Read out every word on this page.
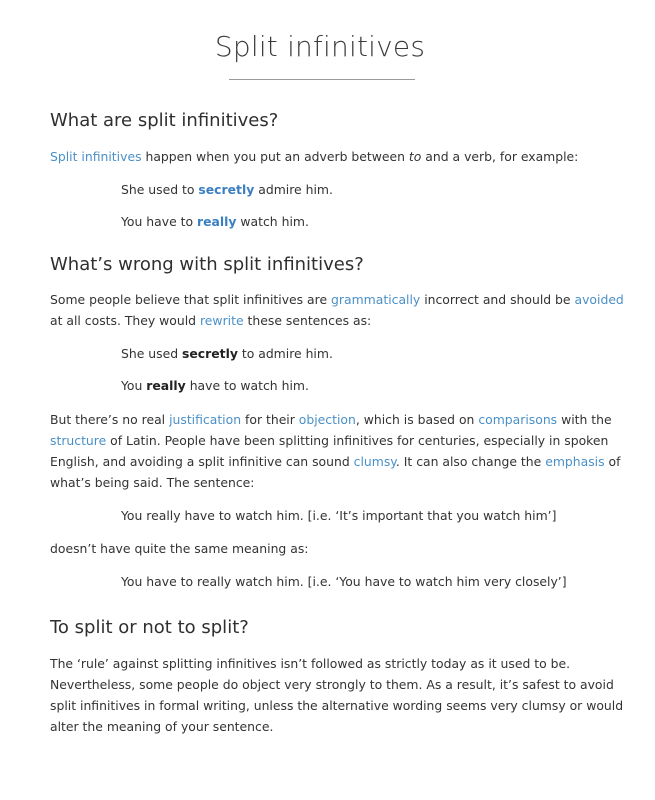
Split infinitives
What are split infinitives?

Split infinitives happen when you put an adverb between to and a verb, for example:

She used to secretly admire him.

You have to really watch him.

What’s wrong with split infinitives?

Some people believe that split infinitives are grammatically incorrect and should be avoided

at all costs. They would rewrite these sentences as:

She used secretly to admire him.

You really have to watch him.

But there’s no real justification for their objection, which is based on comparisons with the

structure of Latin. People have been splitting infinitives for centuries, especially in spoken

English, and avoiding a split infinitive can sound clumsy. It can also change the emphasis of

what’s being said. The sentence:

You really have to watch him. [i.e. ‘It’s important that you watch him’]

doesn’t have quite the same meaning as:

You have to really watch him. [i.e. ‘You have to watch him very closely’]

To split or not to split?

The ‘rule’ against splitting infinitives isn’t followed as strictly today as it used to be.

Nevertheless, some people do object very strongly to them. As a result, it’s safest to avoid

split infinitives in formal writing, unless the alternative wording seems very clumsy or would

alter the meaning of your sentence.
